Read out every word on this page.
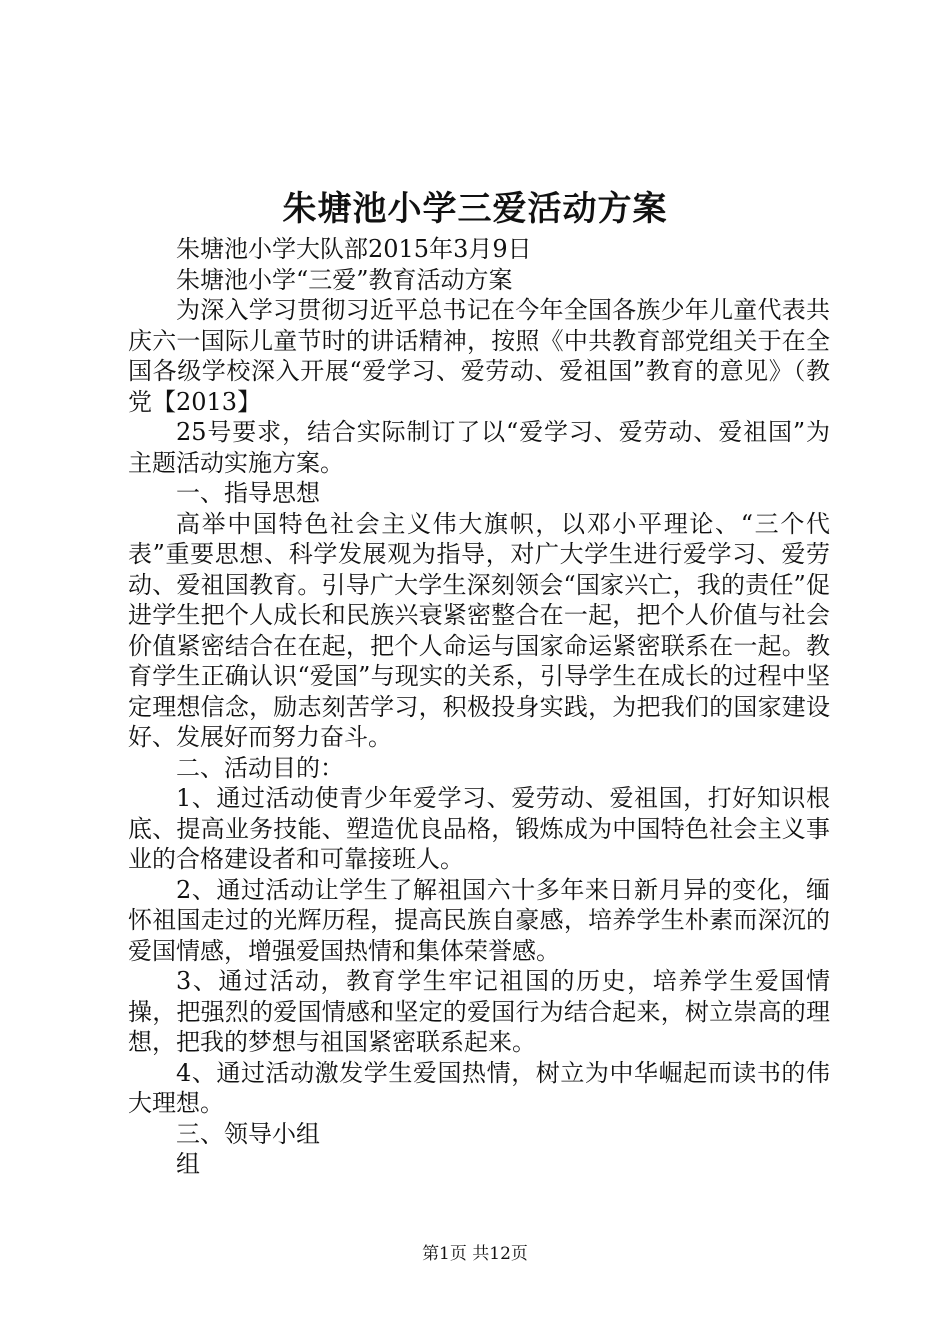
朱塘池小学三爱活动方案

朱塘池小学大队部2015年3月9日

朱塘池小学“三爱”教育活动方案

为深入学习贯彻习近平总书记在今年全国各族少年儿童代表共庆六一国际儿童节时的讲话精神，按照《中共教育部党组关于在全国各级学校深入开展“爱学习、爱劳动、爱祖国”教育的意见》（教党【2013】

25号要求，结合实际制订了以“爱学习、爱劳动、爱祖国”为主题活动实施方案。

一、指导思想

高举中国特色社会主义伟大旗帜，以邓小平理论、“三个代表”重要思想、科学发展观为指导，对广大学生进行爱学习、爱劳动、爱祖国教育。引导广大学生深刻领会“国家兴亡，我的责任”促进学生把个人成长和民族兴衰紧密整合在一起，把个人价值与社会价值紧密结合在在起，把个人命运与国家命运紧密联系在一起。教育学生正确认识“爱国”与现实的关系，引导学生在成长的过程中坚定理想信念，励志刻苦学习，积极投身实践，为把我们的国家建设好、发展好而努力奋斗。

二、活动目的：

1、通过活动使青少年爱学习、爱劳动、爱祖国，打好知识根底、提高业务技能、塑造优良品格，锻炼成为中国特色社会主义事业的合格建设者和可靠接班人。

2、通过活动让学生了解祖国六十多年来日新月异的变化，缅怀祖国走过的光辉历程，提高民族自豪感，培养学生朴素而深沉的爱国情感，增强爱国热情和集体荣誉感。

3、通过活动，教育学生牢记祖国的历史，培养学生爱国情操，把强烈的爱国情感和坚定的爱国行为结合起来，树立崇高的理想，把我的梦想与祖国紧密联系起来。

4、通过活动激发学生爱国热情，树立为中华崛起而读书的伟大理想。

三、领导小组

组

第1页 共12页
